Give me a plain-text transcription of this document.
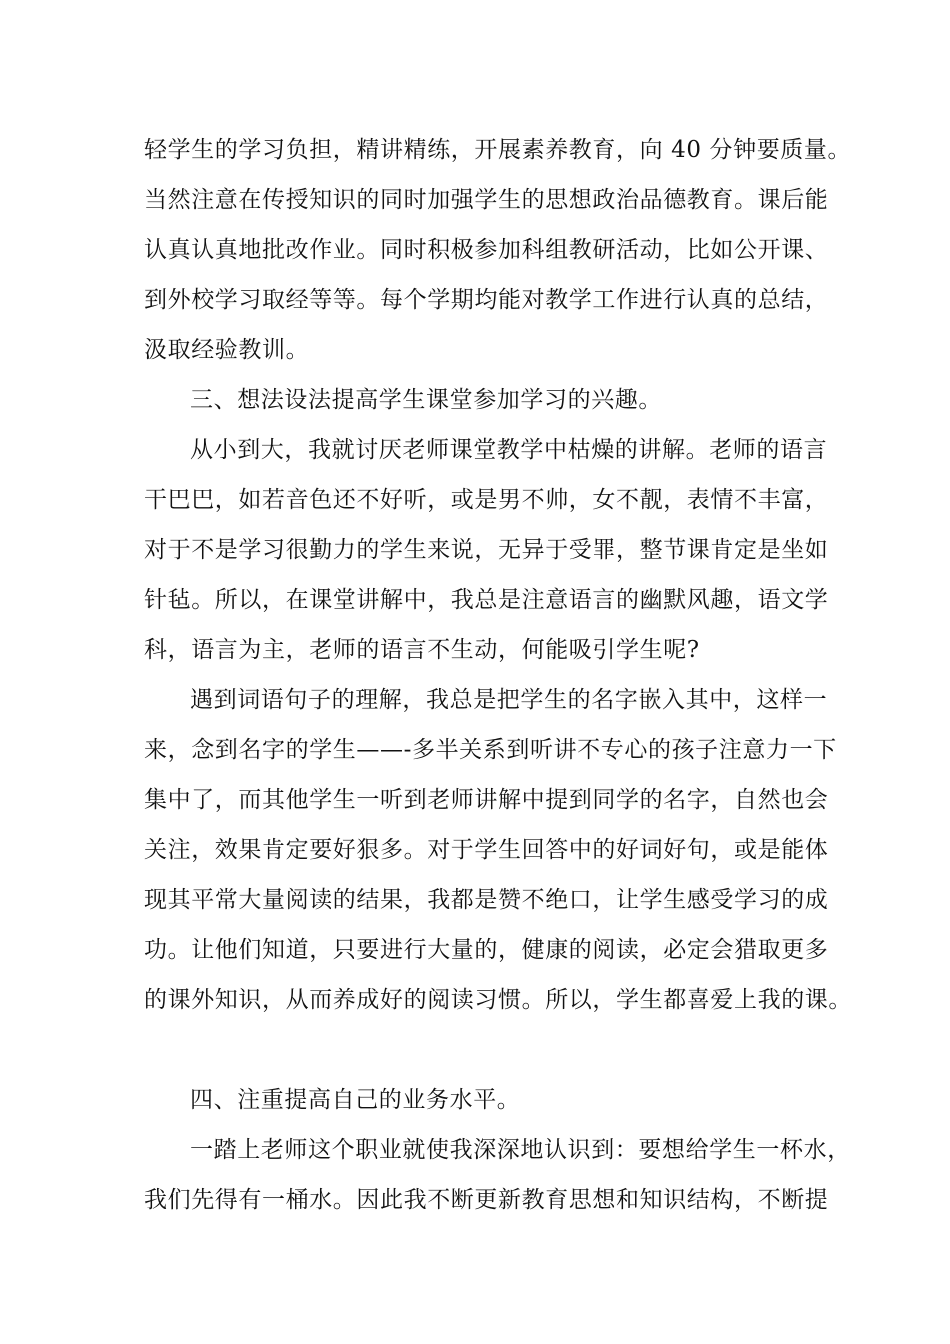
轻学生的学习负担，精讲精练，开展素养教育，向 40 分钟要质量。
当然注意在传授知识的同时加强学生的思想政治品德教育。课后能
认真认真地批改作业。同时积极参加科组教研活动，比如公开课、
到外校学习取经等等。每个学期均能对教学工作进行认真的总结，
汲取经验教训。
三、想法设法提高学生课堂参加学习的兴趣。
从小到大，我就讨厌老师课堂教学中枯燥的讲解。老师的语言
干巴巴，如若音色还不好听，或是男不帅，女不靓，表情不丰富，
对于不是学习很勤力的学生来说，无异于受罪，整节课肯定是坐如
针毡。所以，在课堂讲解中，我总是注意语言的幽默风趣，语文学
科，语言为主，老师的语言不生动，何能吸引学生呢?
遇到词语句子的理解，我总是把学生的名字嵌入其中，这样一
来，念到名字的学生——-多半关系到听讲不专心的孩子注意力一下
集中了，而其他学生一听到老师讲解中提到同学的名字，自然也会
关注，效果肯定要好狠多。对于学生回答中的好词好句，或是能体
现其平常大量阅读的结果，我都是赞不绝口，让学生感受学习的成
功。让他们知道，只要进行大量的，健康的阅读，必定会猎取更多
的课外知识，从而养成好的阅读习惯。所以，学生都喜爱上我的课。
四、注重提高自己的业务水平。
一踏上老师这个职业就使我深深地认识到：要想给学生一杯水，
我们先得有一桶水。因此我不断更新教育思想和知识结构，不断提
